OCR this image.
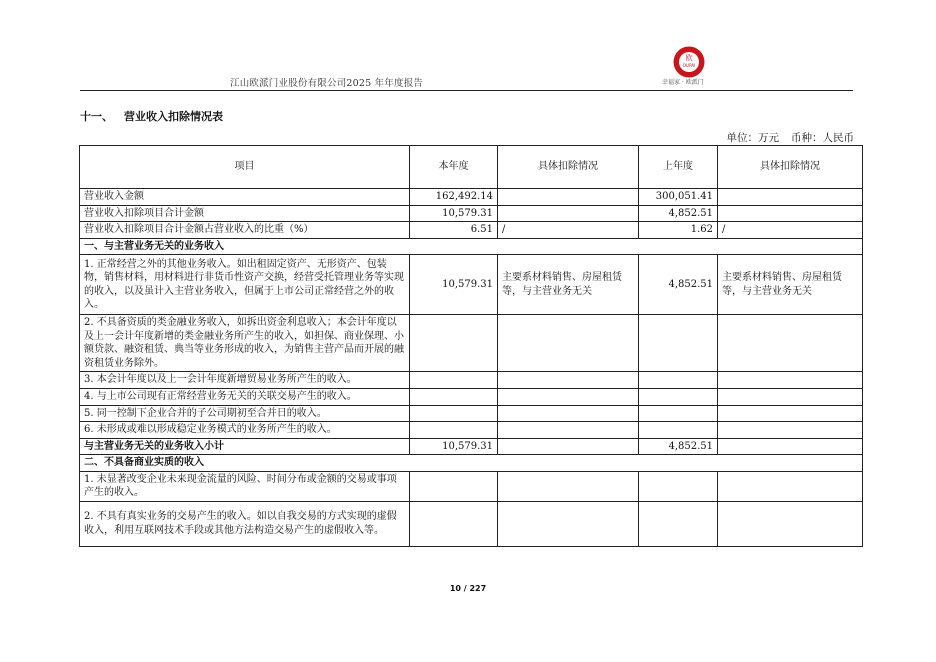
江山欧派门业股份有限公司2025 年年度报告
欧
OUPAI
幸福家 · 欧派门
十一、 营业收入扣除情况表
单位：万元 币种：人民币
项目	本年度	具体扣除情况	上年度	具体扣除情况
营业收入金额	162,492.14		300,051.41	
营业收入扣除项目合计金额	10,579.31		4,852.51	
营业收入扣除项目合计金额占营业收入的比重（%）	6.51	/	1.62	/
一、与主营业务无关的业务收入				
1. 正常经营之外的其他业务收入。如出租固定资产、无形资产、包装物，销售材料，用材料进行非货币性资产交换，经营受托管理业务等实现的收入，以及虽计入主营业务收入，但属于上市公司正常经营之外的收入。	10,579.31	主要系材料销售、房屋租赁等，与主营业务无关	4,852.51	主要系材料销售、房屋租赁等，与主营业务无关
2. 不具备资质的类金融业务收入，如拆出资金利息收入；本会计年度以及上一会计年度新增的类金融业务所产生的收入，如担保、商业保理、小额贷款、融资租赁、典当等业务形成的收入，为销售主营产品而开展的融资租赁业务除外。				
3. 本会计年度以及上一会计年度新增贸易业务所产生的收入。				
4. 与上市公司现有正常经营业务无关的关联交易产生的收入。				
5. 同一控制下企业合并的子公司期初至合并日的收入。				
6. 未形成或难以形成稳定业务模式的业务所产生的收入。				
与主营业务无关的业务收入小计	10,579.31		4,852.51	
二、不具备商业实质的收入				
1. 未显著改变企业未来现金流量的风险、时间分布或金额的交易或事项产生的收入。				
2. 不具有真实业务的交易产生的收入。如以自我交易的方式实现的虚假收入，利用互联网技术手段或其他方法构造交易产生的虚假收入等。				
10 / 227
